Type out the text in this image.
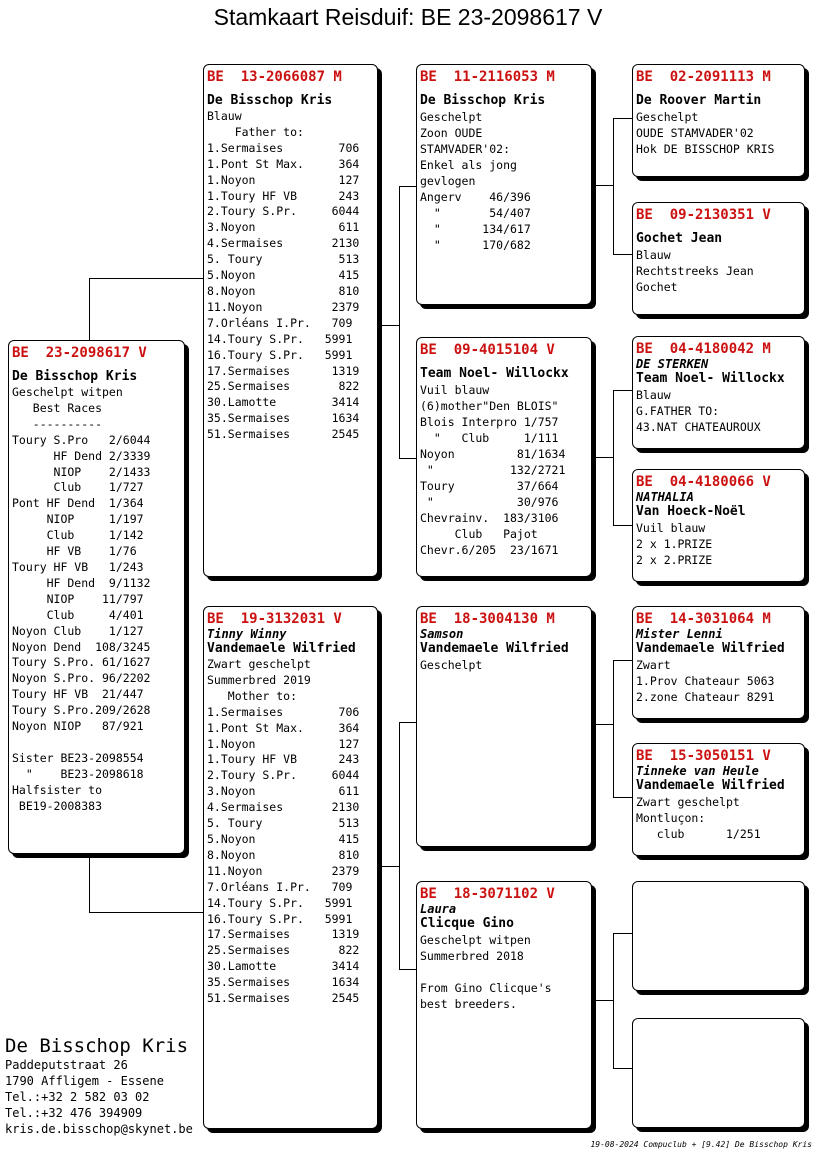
Stamkaart Reisduif: BE 23-2098617 V
BE  23-2098617 V
De Bisschop Kris
Geschelpt witpen
Best Races
----------
Toury S.Pro   2/6044
HF Dend 2/3339
NIOP    2/1433
Club    1/727
Pont HF Dend  1/364
NIOP     1/197
Club     1/142
HF VB    1/76
Toury HF VB   1/243
HF Dend  9/1132
NIOP    11/797
Club     4/401
Noyon Club    1/127
Noyon Dend  108/3245
Toury S.Pro. 61/1627
Noyon S.Pro. 96/2202
Toury HF VB  21/447
Toury S.Pro.209/2628
Noyon NIOP   87/921

Sister BE23-2098554
"    BE23-2098618
Halfsister to
BE19-2008383
BE  13-2066087 M
De Bisschop Kris
Blauw
Father to:
1.Sermaises        706
1.Pont St Max.     364
1.Noyon            127
1.Toury HF VB      243
2.Toury S.Pr.     6044
3.Noyon            611
4.Sermaises       2130
5. Toury           513
5.Noyon            415
8.Noyon            810
11.Noyon          2379
7.Orléans I.Pr.   709
14.Toury S.Pr.   5991
16.Toury S.Pr.   5991
17.Sermaises      1319
25.Sermaises       822
30.Lamotte        3414
35.Sermaises      1634
51.Sermaises      2545
BE  19-3132031 V
Tinny Winny
Vandemaele Wilfried
Zwart geschelpt
Summerbred 2019
Mother to:
1.Sermaises        706
1.Pont St Max.     364
1.Noyon            127
1.Toury HF VB      243
2.Toury S.Pr.     6044
3.Noyon            611
4.Sermaises       2130
5. Toury           513
5.Noyon            415
8.Noyon            810
11.Noyon          2379
7.Orléans I.Pr.   709
14.Toury S.Pr.   5991
16.Toury S.Pr.   5991
17.Sermaises      1319
25.Sermaises       822
30.Lamotte        3414
35.Sermaises      1634
51.Sermaises      2545
BE  11-2116053 M
De Bisschop Kris
Geschelpt
Zoon OUDE
STAMVADER'02:
Enkel als jong
gevlogen
Angerv    46/396
"       54/407
"      134/617
"      170/682
BE  09-4015104 V
Team Noel- Willockx
Vuil blauw
(6)mother"Den BLOIS"
Blois Interpro 1/757
"   Club     1/111
Noyon         81/1634
"           132/2721
Toury         37/664
"            30/976
Chevrainv.  183/3106
Club   Pajot
Chevr.6/205  23/1671
BE  18-3004130 M
Samson
Vandemaele Wilfried
Geschelpt
BE  18-3071102 V
Laura
Clicque Gino
Geschelpt witpen
Summerbred 2018

From Gino Clicque's
best breeders.
BE  02-2091113 M
De Roover Martin
Geschelpt
OUDE STAMVADER'02
Hok DE BISSCHOP KRIS
BE  09-2130351 V
Gochet Jean
Blauw
Rechtstreeks Jean
Gochet
BE  04-4180042 M
DE STERKEN
Team Noel- Willockx
Blauw
G.FATHER TO:
43.NAT CHATEAUROUX
BE  04-4180066 V
NATHALIA
Van Hoeck-Noël
Vuil blauw
2 x 1.PRIZE
2 x 2.PRIZE
BE  14-3031064 M
Mister Lenni
Vandemaele Wilfried
Zwart
1.Prov Chateaur 5063
2.zone Chateaur 8291
BE  15-3050151 V
Tinneke van Heule
Vandemaele Wilfried
Zwart geschelpt
Montluçon:
club      1/251
De Bisschop Kris
Paddeputstraat 26
1790 Affligem - Essene
Tel.:+32 2 582 03 02
Tel.:+32 476 394909
kris.de.bisschop@skynet.be
19-08-2024 Compuclub + [9.42] De Bisschop Kris
